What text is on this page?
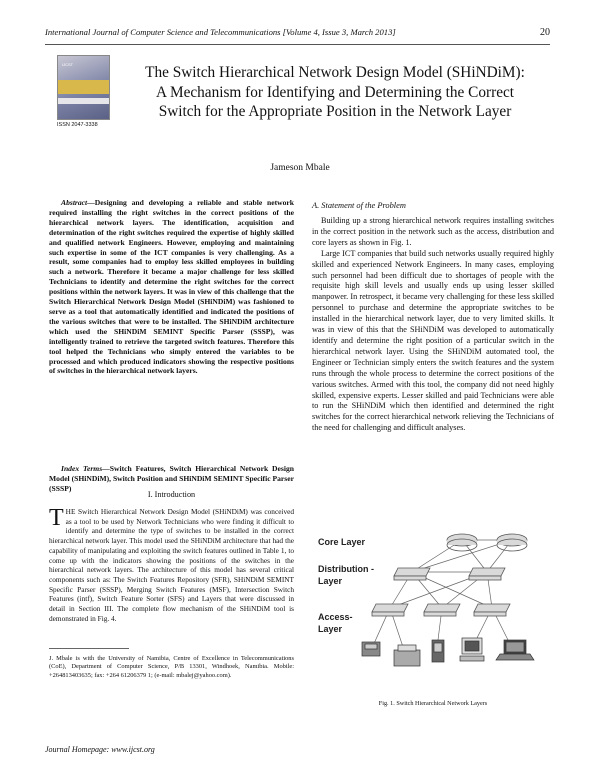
International Journal of Computer Science and Telecommunications [Volume 4, Issue 3, March 2013]	20
IJCST
ISSN 2047-3338
The Switch Hierarchical Network Design Model (SHiNDiM):
A Mechanism for Identifying and Determining the Correct
Switch for the Appropriate Position in the Network Layer
Jameson Mbale
Abstract—Designing and developing a reliable and stable network required installing the right switches in the correct positions of the hierarchical network layers. The identification, acquisition and determination of the right switches required the expertise of highly skilled and qualified network Engineers. However, employing and maintaining such expertise in some of the ICT companies is very challenging. As a result, some companies had to employ less skilled employees in building such a network. Therefore it became a major challenge for less skilled Technicians to identify and determine the right switches for the correct positions within the network layers. It was in view of this challenge that the Switch Hierarchical Network Design Model (SHiNDiM) was fashioned to serve as a tool that automatically identified and indicated the positions of the various switches that were to be installed. The SHiNDiM architecture which used the SHiNDiM SEMINT Specific Parser (SSSP), was intelligently trained to retrieve the targeted switch features. Therefore this tool helped the Technicians who simply entered the variables to be processed and which produced indicators showing the respective positions of switches in the hierarchical network layers.
Index Terms—Switch Features, Switch Hierarchical Network Design Model (SHiNDiM), Switch Position and SHiNDiM SEMINT Specific Parser (SSSP)
I. Introduction
THE Switch Hierarchical Network Design Model (SHiNDiM) was conceived as a tool to be used by Network Technicians who were finding it difficult to identify and determine the type of switches to be installed in the correct hierarchical network layer. This model used the SHiNDiM architecture that had the capability of manipulating and exploiting the switch features outlined in Table 1, to come up with the indicators showing the positions of the switches in the hierarchical network layers. The architecture of this model has several critical components such as: The Switch Features Repository (SFR), SHiNDiM SEMINT Specific Parser (SSSP), Merging Switch Features (MSF), Intersection Switch Features (intf), Switch Feature Sorter (SFS) and Layers that were discussed in detail in Section III. The complete flow mechanism of the SHiNDiM tool is demonstrated in Fig. 4.
J. Mbale is with the University of Namibia, Centre of Excellence in Telecommunications (CoE), Department of Computer Science, P/B 13301, Windhoek, Namibia. Mobile: +264813403635; fax: +264 61206379 1; (e-mail: mbalej@yahoo.com).
A. Statement of the Problem

Building up a strong hierarchical network requires installing switches in the correct position in the network such as the access, distribution and core layers as shown in Fig. 1.

Large ICT companies that build such networks usually required highly skilled and experienced Network Engineers. In many cases, employing such personnel had been difficult due to shortages of people with the requisite high skill levels and usually ends up using lesser skilled manpower. In retrospect, it became very challenging for these less skilled personnel to purchase and determine the appropriate switches to be installed in the hierarchical network layer, due to very limited skills. It was in view of this that the SHiNDiM was developed to automatically identify and determine the right position of a particular switch in the hierarchical network layer. Using the SHiNDiM automated tool, the Engineer or Technician simply enters the switch features and the system runs through the whole process to determine the correct positions of the various switches. Armed with this tool, the company did not need highly skilled, expensive experts. Lesser skilled and paid Technicians were able to run the SHiNDiM which then identified and determined the right switches for the correct hierarchical network relieving the Technicians of the need for challenging and difficult analyses.

Core Layer
Distribution -
Layer
Access-
Layer
Fig. 1. Switch Hierarchical Network Layers
Journal Homepage: www.ijcst.org
